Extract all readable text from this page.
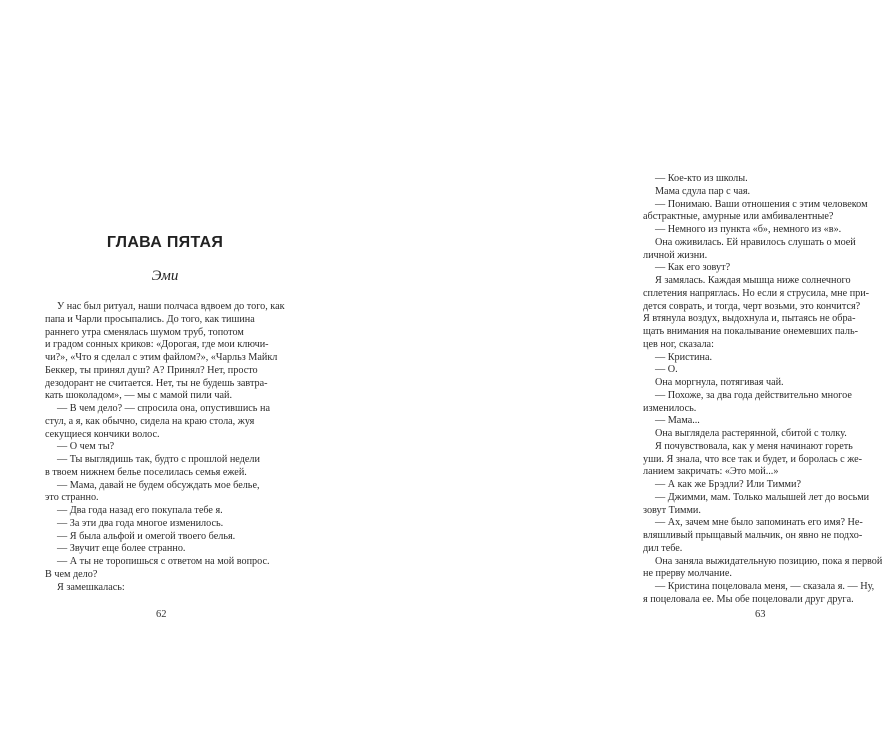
ГЛАВА ПЯТАЯ
Эми
У нас был ритуал, наши полчаса вдвоем до того, как
папа и Чарли просыпались. До того, как тишина
раннего утра сменялась шумом труб, топотом
и градом сонных криков: «Дорогая, где мои ключи-
чи?», «Что я сделал с этим файлом?», «Чарльз Майкл
Беккер, ты принял душ? А? Принял? Нет, просто
дезодорант не считается. Нет, ты не будешь завтра-
кать шоколадом», — мы с мамой пили чай.
— В чем дело? — спросила она, опустившись на
стул, а я, как обычно, сидела на краю стола, жуя
секущиеся кончики волос.
— О чем ты?
— Ты выглядишь так, будто с прошлой недели
в твоем нижнем белье поселилась семья ежей.
— Мама, давай не будем обсуждать мое белье,
это странно.
— Два года назад его покупала тебе я.
— За эти два года многое изменилось.
— Я была альфой и омегой твоего белья.
— Звучит еще более странно.
— А ты не торопишься с ответом на мой вопрос.
В чем дело?
Я замешкалась:
62
— Кое-кто из школы.
Мама сдула пар с чая.
— Понимаю. Ваши отношения с этим человеком
абстрактные, амурные или амбивалентные?
— Немного из пункта «б», немного из «в».
Она оживилась. Ей нравилось слушать о моей
личной жизни.
— Как его зовут?
Я замялась. Каждая мышца ниже солнечного
сплетения напряглась. Но если я струсила, мне при-
дется соврать, и тогда, черт возьми, это кончится?
Я втянула воздух, выдохнула и, пытаясь не обра-
щать внимания на покалывание онемевших паль-
цев ног, сказала:
— Кристина.
— О.
Она моргнула, потягивая чай.
— Похоже, за два года действительно многое
изменилось.
— Мама...
Она выглядела растерянной, сбитой с толку.
Я почувствовала, как у меня начинают гореть
уши. Я знала, что все так и будет, и боролась с же-
ланием закричать: «Это мой...»
— А как же Брэдли? Или Тимми?
— Джимми, мам. Только малышей лет до восьми
зовут Тимми.
— Ах, зачем мне было запоминать его имя? Не-
вляшливый прыщавый мальчик, он явно не подхо-
дил тебе.
Она заняла выжидательную позицию, пока я первой
не прерву молчание.
— Кристина поцеловала меня, — сказала я. — Ну,
я поцеловала ее. Мы обе поцеловали друг друга.
63
